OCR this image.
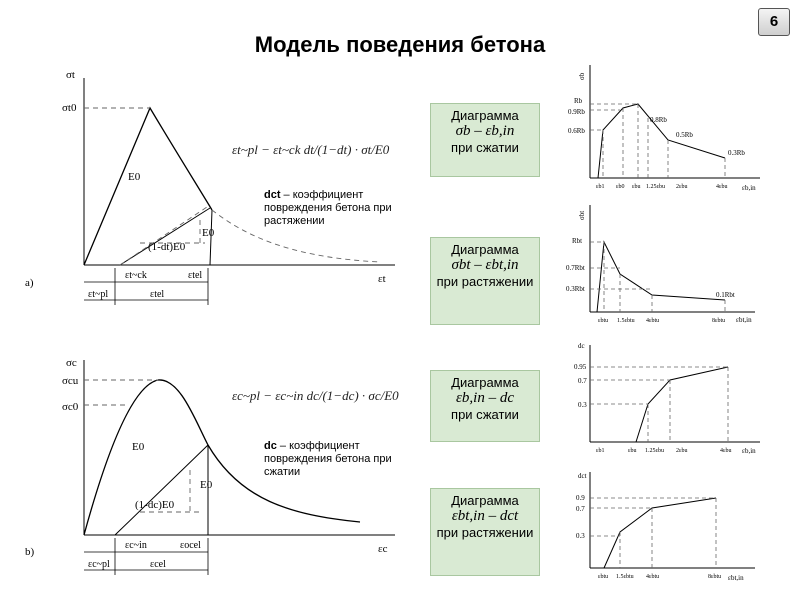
Модель поведения бетона
6
σt
σt0
εt
E0
E0
(1-dt)E0
εt~ck	εtel
εt~pl	εtel
a)
εt~pl − εt~ck dt/(1−dt) · σt/E0
dct – коэффициент повреждения бетона при растяжении
σc
σcu
σc0
εc
E0
E0
(1-dc)E0
εc~in	εocel
εc~pl	εcel
b)
εc~pl − εc~in dc/(1−dc) · σc/E0
dc – коэффициент повреждения бетона при сжатии
Диаграмма
σb – εb,in
при сжатии
Диаграмма
σbt – εbt,in
при растяжении
Диаграмма
εb,in – dc
при сжатии
Диаграмма
εbt,in – dct
при растяжении
σb
εb,in
Rb
0.9Rb
0.6Rb
0.8Rb
0.5Rb
0.3Rb
εb1 εb0 εbu 1.25εbu 2εbu	4εbu
σbt
εbt,in
Rbt
0.7Rbt
0.3Rbt
0.1Rbt
εbtu 1.5εbtu 4εbtu	8εbtu
dc
εb,in
0.95
0.7
0.3
εb1	εbu 1.25εbu 2εbu	4εbu
dct
εbt,in
0.9
0.7
0.3
εbtu 1.5εbtu 4εbtu	8εbtu
